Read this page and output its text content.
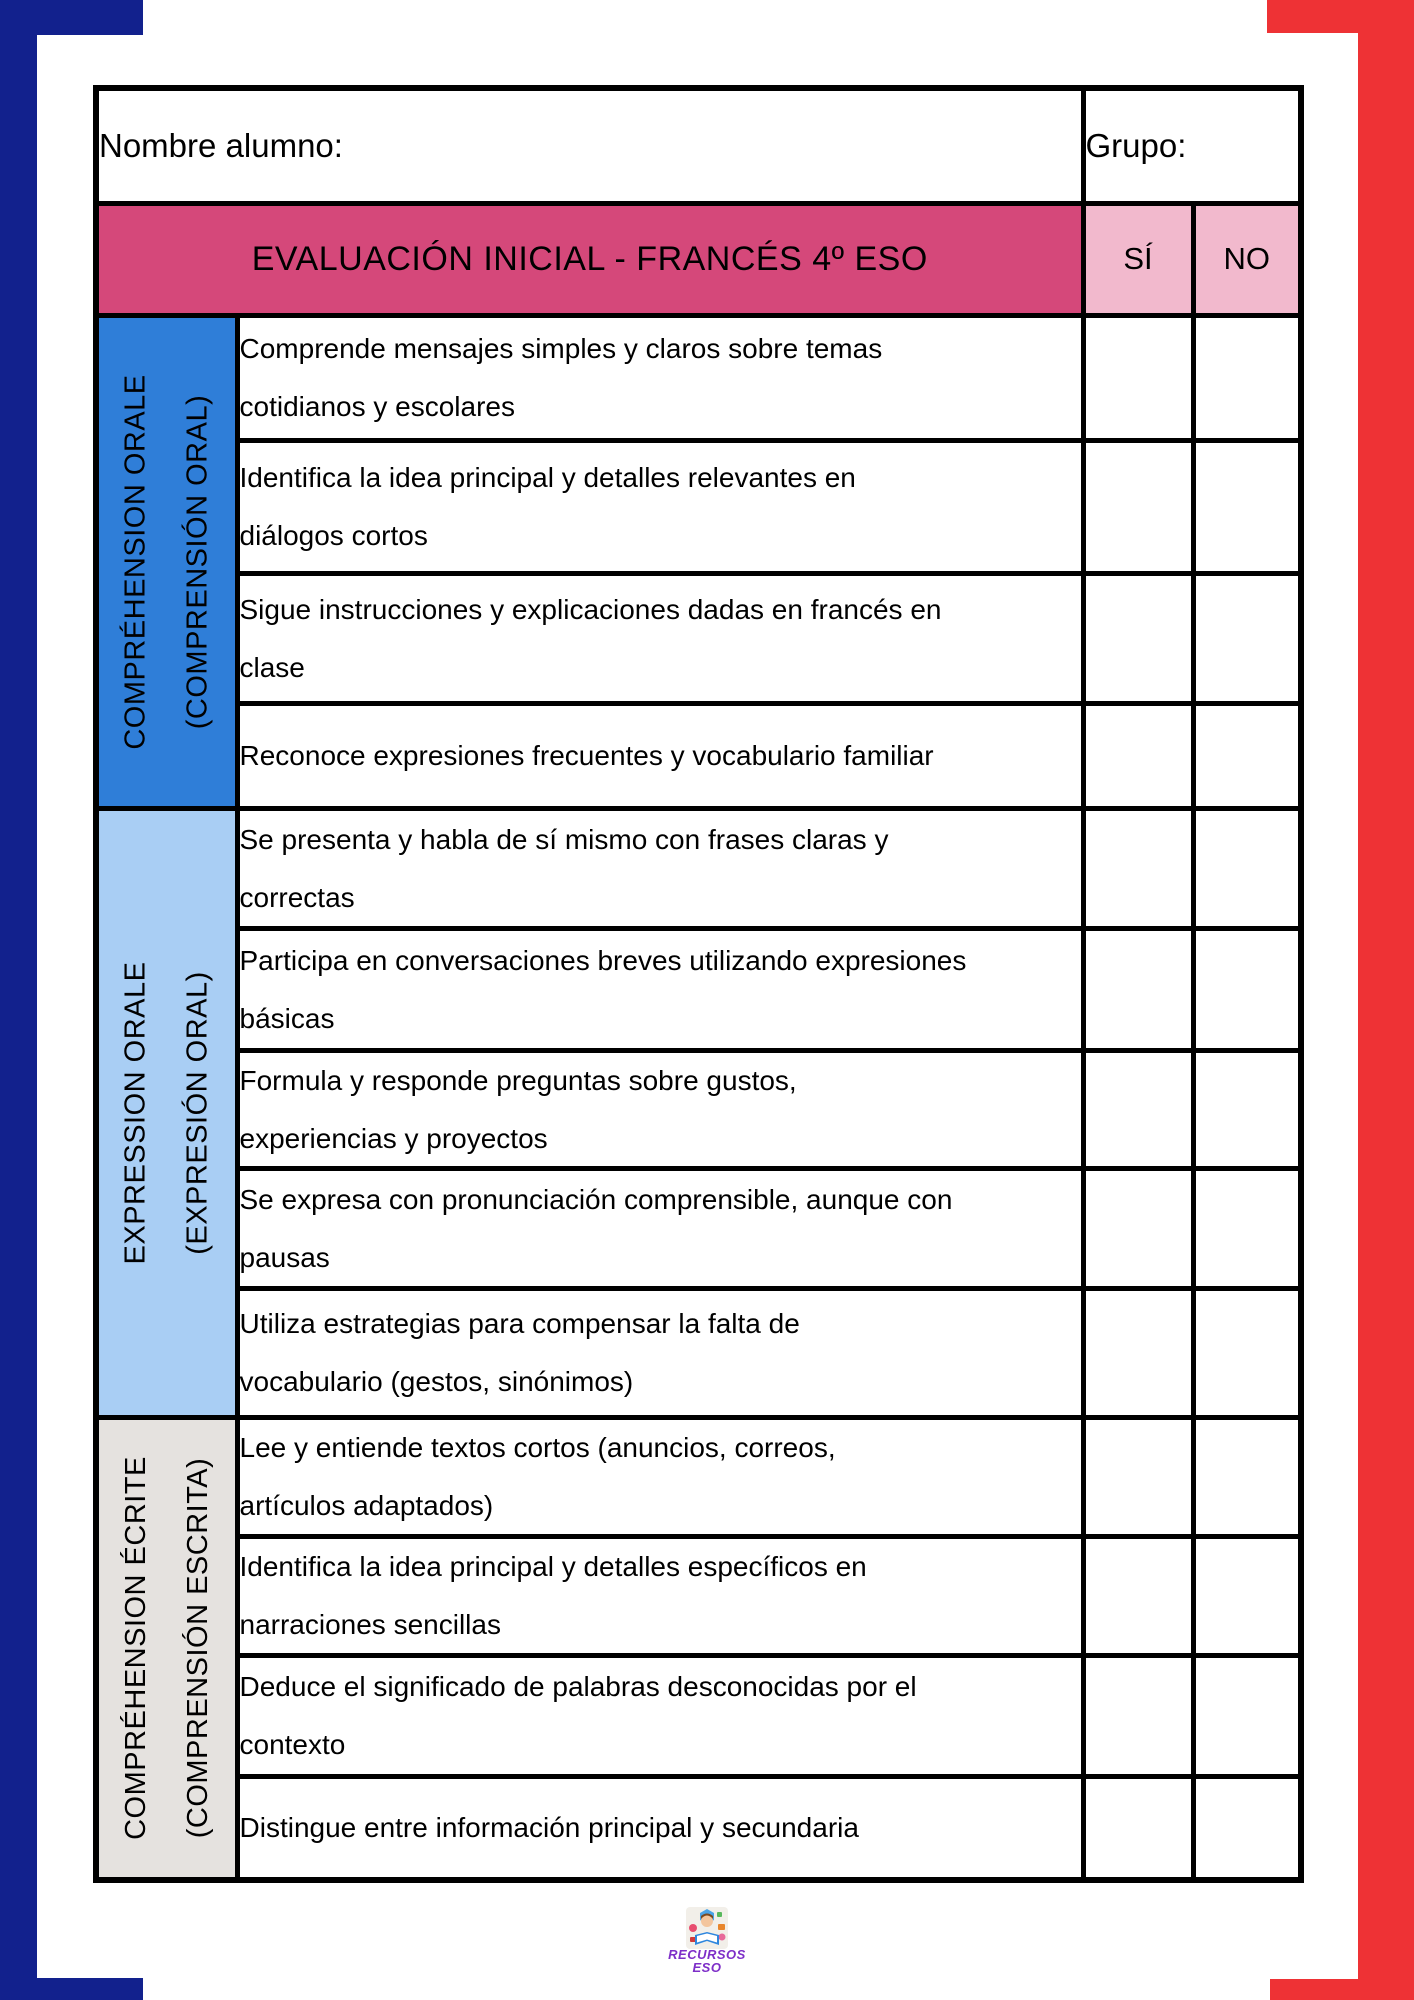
Nombre alumno:		Grupo:	
EVALUACIÓN INICIAL - FRANCÉS 4º ESO		SÍ	NO

COMPRÉHENSION ORALE	(COMPRENSIÓN ORAL)

Comprende mensajes simples y claros sobre temas
cotidianos y escolares

	Identifica la idea principal y detalles relevantes en
diálogos cortos		

	Sigue instrucciones y explicaciones dadas en francés en
clase		

	Reconoce expresiones frecuentes y vocabulario familiar		

EXPRESSION ORALE	(EXPRESIÓN ORAL)

Se presenta y habla de sí mismo con frases claras y
correctas

	Participa en conversaciones breves utilizando expresiones
básicas		

	Formula y responde preguntas sobre gustos,
experiencias y proyectos		

	Se expresa con pronunciación comprensible, aunque con
pausas		

	Utiliza estrategias para compensar la falta de
vocabulario (gestos, sinónimos)		

COMPRÉHENSION ÉCRITE	(COMPRENSIÓN ESCRITA)

Lee y entiende textos cortos (anuncios, correos,
artículos adaptados)

	Identifica la idea principal y detalles específicos en
narraciones sencillas		

	Deduce el significado de palabras desconocidas por el
contexto		

	Distingue entre información principal y secundaria		

RECURSOS
ESO
